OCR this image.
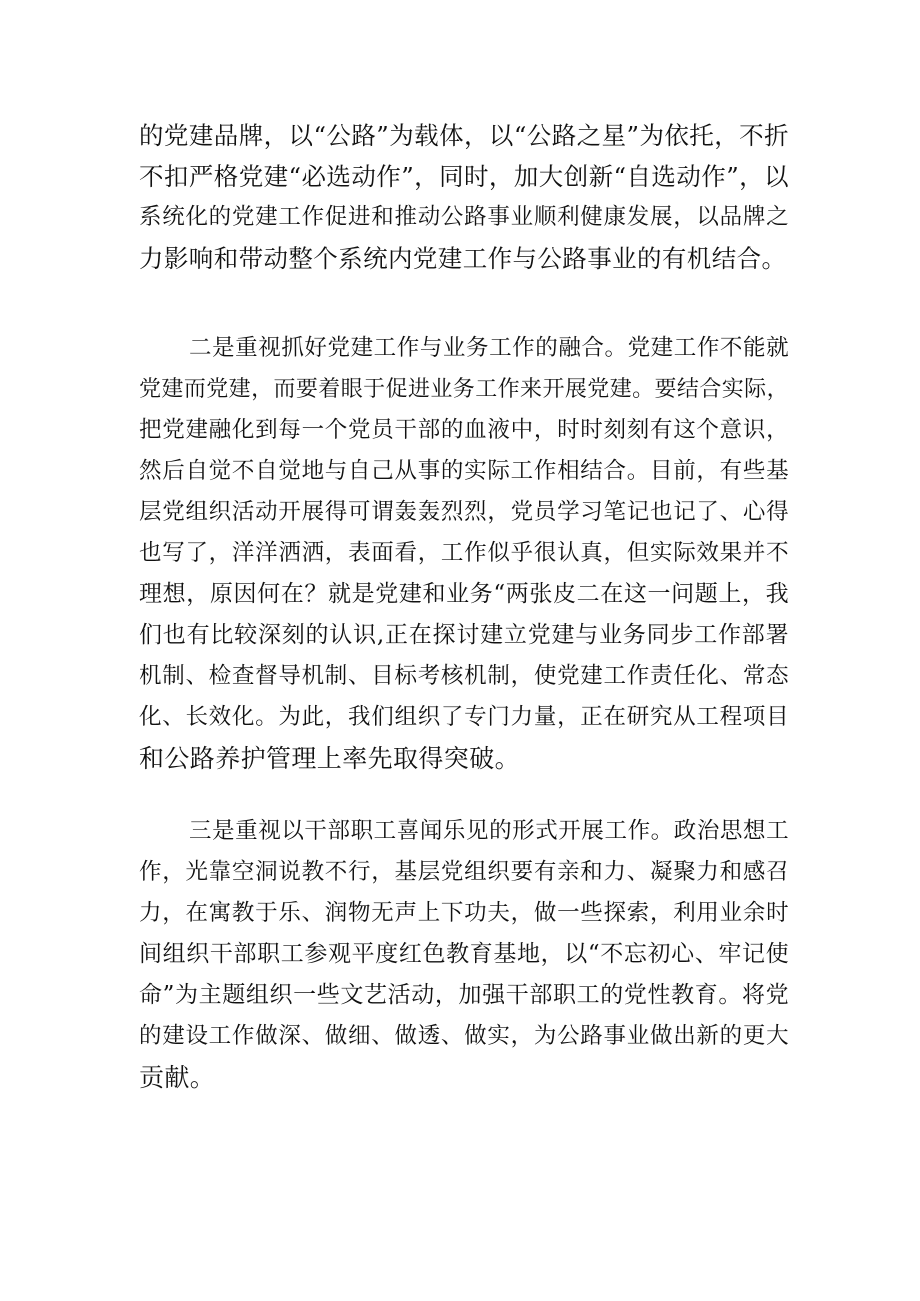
的党建品牌，以“公路”为载体，以“公路之星”为依托，不折
不扣严格党建“必选动作”，同时，加大创新“自选动作”，以
系统化的党建工作促进和推动公路事业顺利健康发展，以品牌之
力影响和带动整个系统内党建工作与公路事业的有机结合。

二是重视抓好党建工作与业务工作的融合。党建工作不能就
党建而党建，而要着眼于促进业务工作来开展党建。要结合实际，
把党建融化到每一个党员干部的血液中，时时刻刻有这个意识，
然后自觉不自觉地与自己从事的实际工作相结合。目前，有些基
层党组织活动开展得可谓轰轰烈烈，党员学习笔记也记了、心得
也写了，洋洋洒洒，表面看，工作似乎很认真，但实际效果并不
理想，原因何在？就是党建和业务“两张皮二在这一问题上，我
们也有比较深刻的认识,正在探讨建立党建与业务同步工作部署
机制、检查督导机制、目标考核机制，使党建工作责任化、常态
化、长效化。为此，我们组织了专门力量，正在研究从工程项目
和公路养护管理上率先取得突破。

三是重视以干部职工喜闻乐见的形式开展工作。政治思想工
作，光靠空洞说教不行，基层党组织要有亲和力、凝聚力和感召
力，在寓教于乐、润物无声上下功夫，做一些探索，利用业余时
间组织干部职工参观平度红色教育基地，以“不忘初心、牢记使
命”为主题组织一些文艺活动，加强干部职工的党性教育。将党
的建设工作做深、做细、做透、做实，为公路事业做出新的更大
贡献。
